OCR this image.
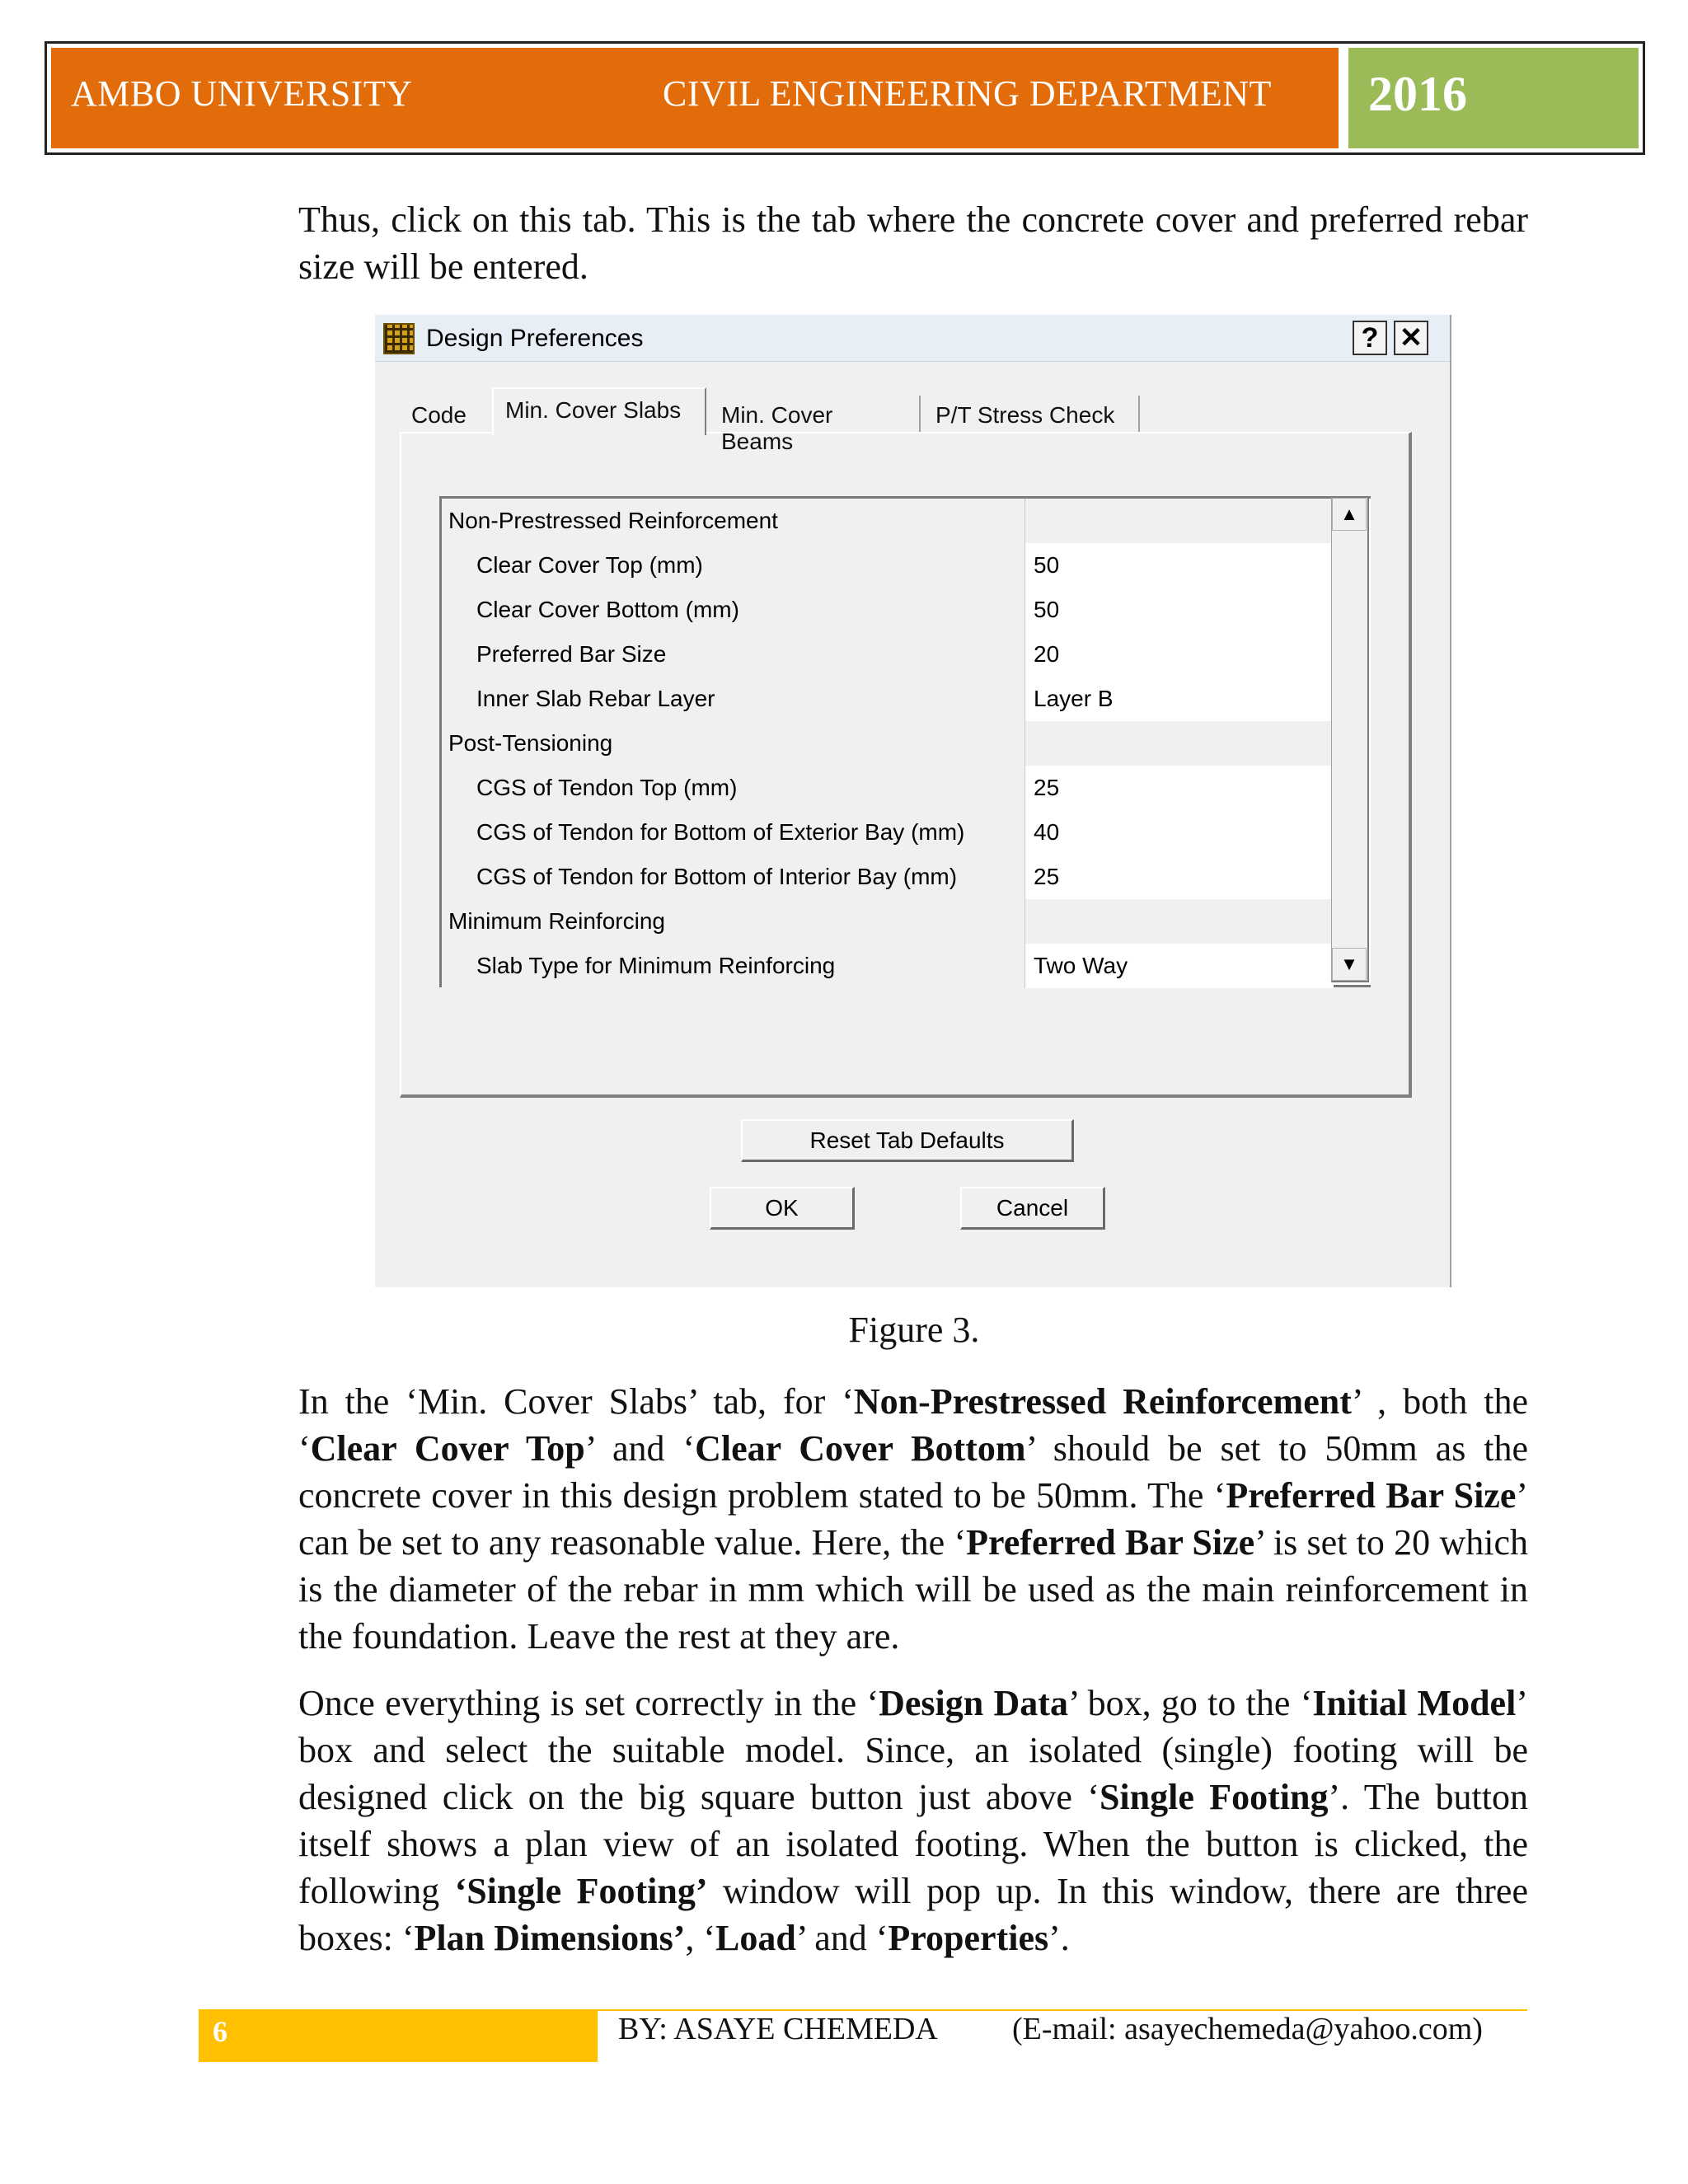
AMBO UNIVERSITY	CIVIL ENGINEERING DEPARTMENT 2016

Thus, click on this tab. This is the tab where the concrete cover and preferred rebar size will be entered.

Design Preferences	? ✕
Code	Min. Cover Slabs	Min. Cover Beams
P/T Stress Check
Non-Prestressed Reinforcement
Clear Cover Top (mm)	50
Clear Cover Bottom (mm)	50
Preferred Bar Size	20
Inner Slab Rebar Layer	Layer B
Post-Tensioning
CGS of Tendon Top (mm)	25
CGS of Tendon for Bottom of Exterior Bay (mm)	40
CGS of Tendon for Bottom of Interior Bay (mm)	25
Minimum Reinforcing
Slab Type for Minimum Reinforcing	Two Way
▲
▼
Reset Tab Defaults
OK	Cancel
Figure 3.

In the ‘Min. Cover Slabs’ tab, for ‘Non-Prestressed Reinforcement’ , both the ‘Clear Cover Top’ and ‘Clear Cover Bottom’ should be set to 50mm as the concrete cover in this design problem stated to be 50mm. The ‘Preferred Bar Size’ can be set to any reasonable value. Here, the ‘Preferred Bar Size’ is set to 20 which is the diameter of the rebar in mm which will be used as the main reinforcement in the foundation. Leave the rest at they are.

Once everything is set correctly in the ‘Design Data’ box, go to the ‘Initial Model’ box and select the suitable model. Since, an isolated (single) footing will be designed click on the big square button just above ‘Single Footing’. The button itself shows a plan view of an isolated footing. When the button is clicked, the following ‘Single Footing’ window will pop up. In this window, there are three boxes: ‘Plan Dimensions’, ‘Load’ and ‘Properties’.

6	BY: ASAYE CHEMEDA (E-mail: asayechemeda@yahoo.com)
